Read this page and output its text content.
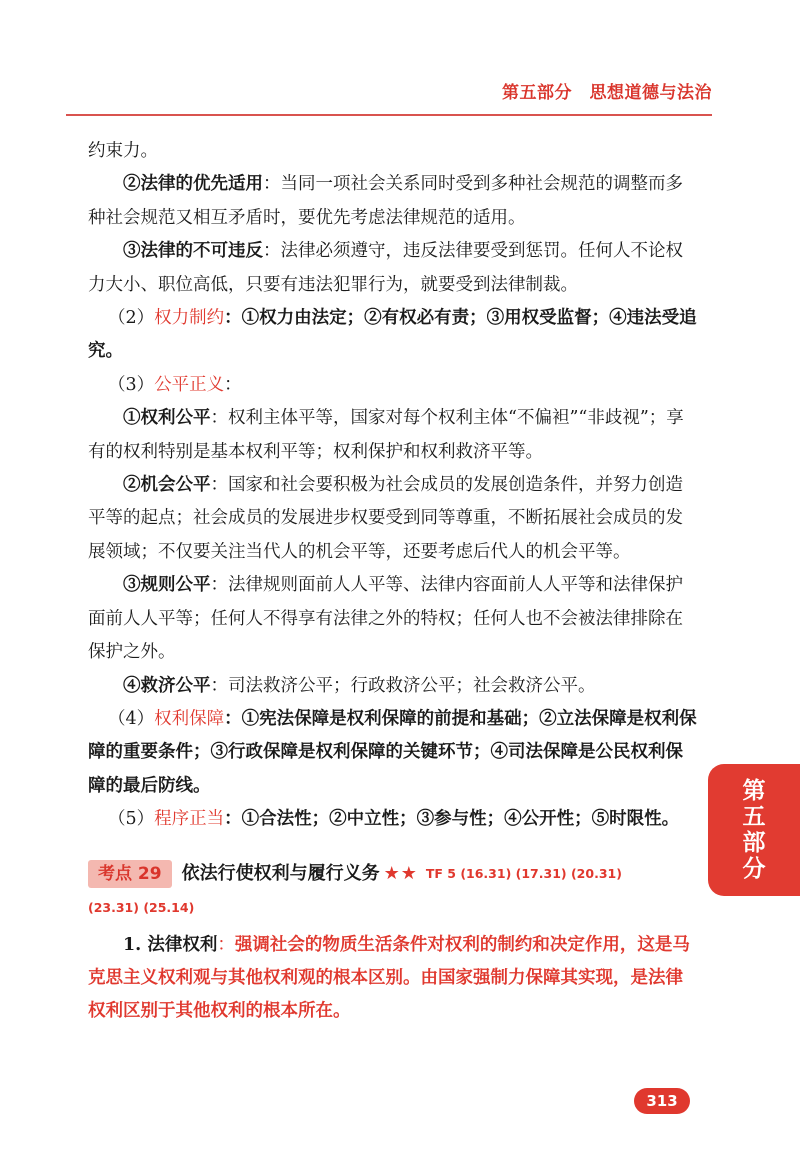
第五部分　思想道德与法治

约束力。

②法律的优先适用：当同一项社会关系同时受到多种社会规范的调整而多种社会规范又相互矛盾时，要优先考虑法律规范的适用。

③法律的不可违反：法律必须遵守，违反法律要受到惩罚。任何人不论权力大小、职位高低，只要有违法犯罪行为，就要受到法律制裁。

（2）权力制约：①权力由法定；②有权必有责；③用权受监督；④违法受追究。

（3）公平正义：

①权利公平：权利主体平等，国家对每个权利主体“不偏袒”“非歧视”；享有的权利特别是基本权利平等；权利保护和权利救济平等。

②机会公平：国家和社会要积极为社会成员的发展创造条件，并努力创造平等的起点；社会成员的发展进步权要受到同等尊重，不断拓展社会成员的发展领域；不仅要关注当代人的机会平等，还要考虑后代人的机会平等。

③规则公平：法律规则面前人人平等、法律内容面前人人平等和法律保护面前人人平等；任何人不得享有法律之外的特权；任何人也不会被法律排除在保护之外。

④救济公平：司法救济公平；行政救济公平；社会救济公平。

（4）权利保障：①宪法保障是权利保障的前提和基础；②立法保障是权利保障的重要条件；③行政保障是权利保障的关键环节；④司法保障是公民权利保障的最后防线。

（5）程序正当：①合法性；②中立性；③参与性；④公开性；⑤时限性。

考点 29	依法行使权利与履行义务 ★★ TF 5 (16.31) (17.31) (20.31)
(23.31) (25.14)

1. 法律权利：强调社会的物质生活条件对权利的制约和决定作用，这是马克思主义权利观与其他权利观的根本区别。由国家强制力保障其实现，是法律权利区别于其他权利的根本所在。

第五部分
313
